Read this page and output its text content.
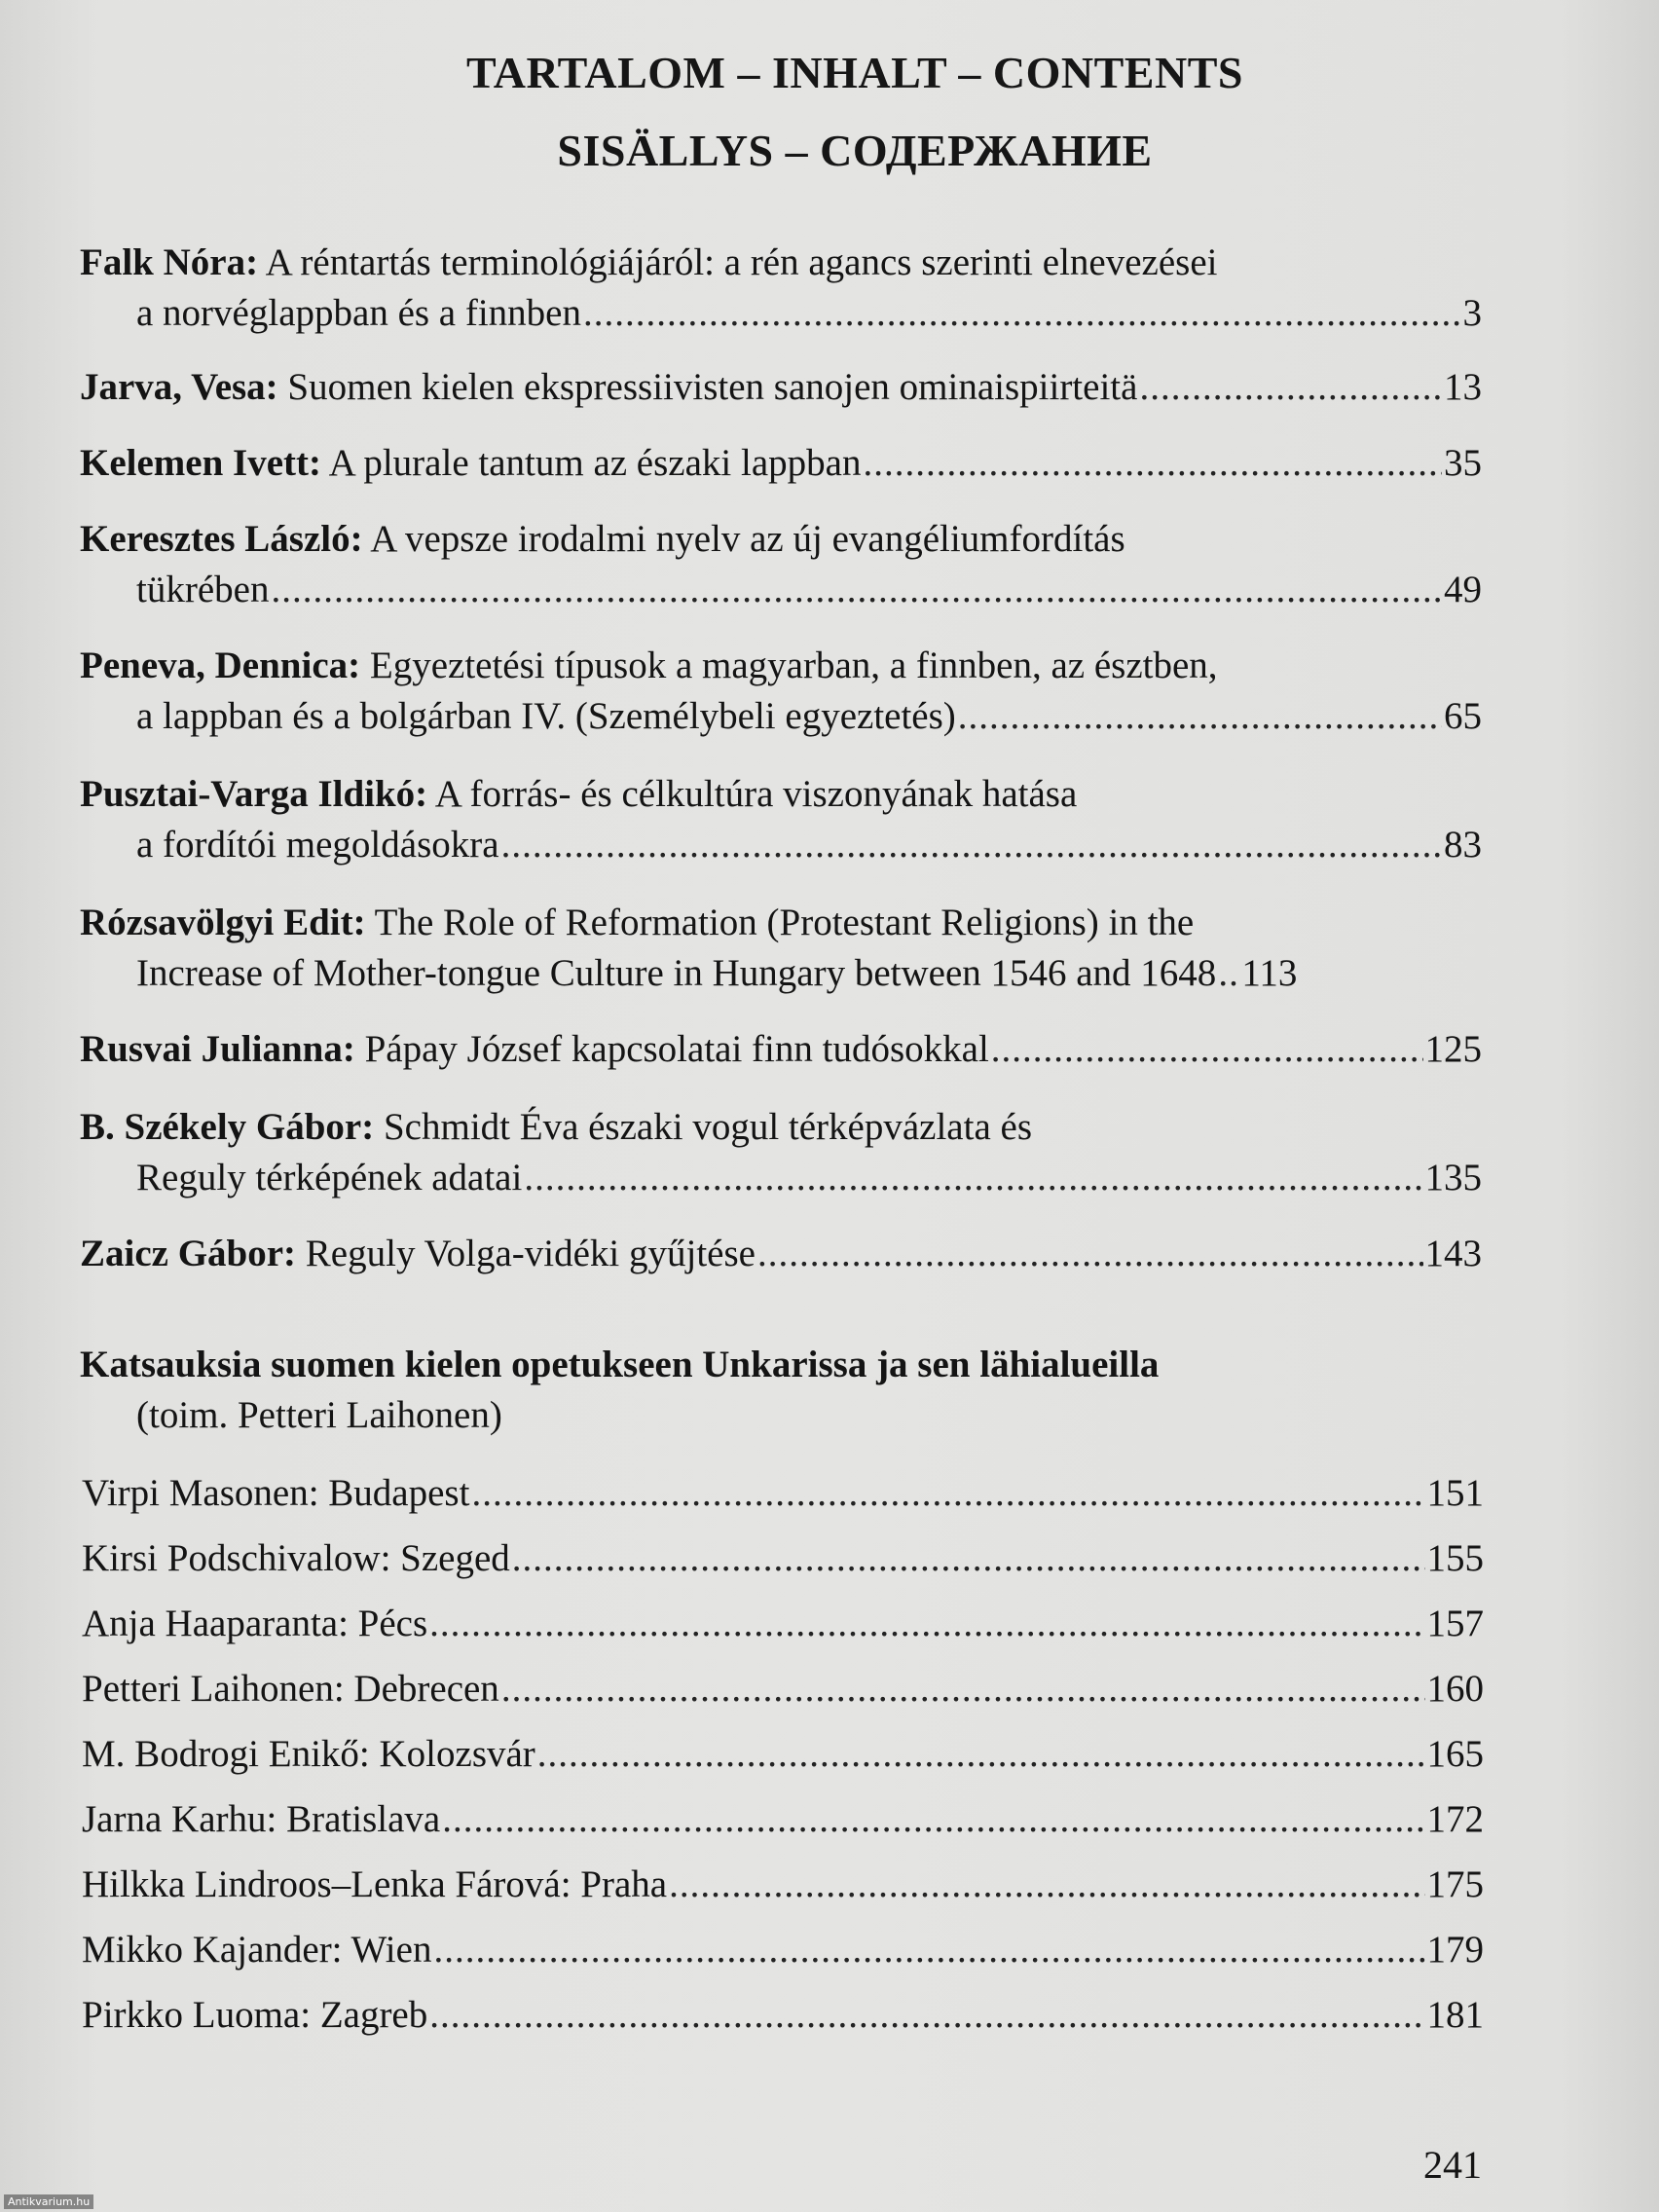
TARTALOM – INHALT – CONTENTS
SISÄLLYS – СОДЕРЖАНИЕ
Falk Nóra: A réntartás terminológiájáról: a rén agancs szerinti elnevezései
a norvéglappban és a finnben .....	3
Jarva, Vesa: Suomen kielen ekspressiivisten sanojen ominaispiirteitä .....	13
Kelemen Ivett: A plurale tantum az északi lappban .....	35
Keresztes László: A vepsze irodalmi nyelv az új evangéliumfordítás
tükrében .....	49
Peneva, Dennica: Egyeztetési típusok a magyarban, a finnben, az észtben,
a lappban és a bolgárban IV. (Személybeli egyeztetés) .....	65
Pusztai-Varga Ildikó: A forrás- és célkultúra viszonyának hatása
a fordítói megoldásokra .....	83
Rózsavölgyi Edit: The Role of Reformation (Protestant Religions) in the
Increase of Mother-tongue Culture in Hungary between 1546 and 1648 ..... 113
Rusvai Julianna: Pápay József kapcsolatai finn tudósokkal .....	125
B. Székely Gábor: Schmidt Éva északi vogul térképvázlata és
Reguly térképének adatai .....	135
Zaicz Gábor: Reguly Volga-vidéki gyűjtése .....	143
Katsauksia suomen kielen opetukseen Unkarissa ja sen lähialueilla
(toim. Petteri Laihonen)
Virpi Masonen: Budapest .....	151
Kirsi Podschivalow: Szeged .....	155
Anja Haaparanta: Pécs .....	157
Petteri Laihonen: Debrecen .....	160
M. Bodrogi Enikő: Kolozsvár .....	165
Jarna Karhu: Bratislava .....	172
Hilkka Lindroos–Lenka Fárová: Praha .....	175
Mikko Kajander: Wien .....	179
Pirkko Luoma: Zagreb .....	181
241
Antikvarium.hu
